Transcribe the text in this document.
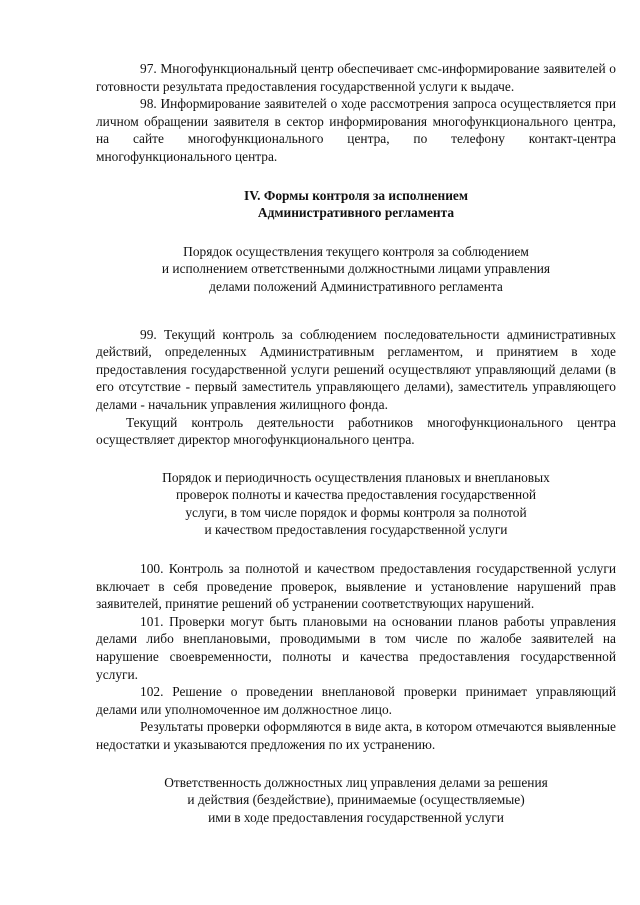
97. Многофункциональный центр обеспечивает смс-информирование заявителей о готовности результата предоставления государственной услуги к выдаче.

98. Информирование заявителей о ходе рассмотрения запроса осуществляется при личном обращении заявителя в сектор информирования многофункционального центра, на сайте многофункционального центра, по телефону контакт-центра многофункционального центра.

IV. Формы контроля за исполнением
Административного регламента
Порядок осуществления текущего контроля за соблюдением
и исполнением ответственными должностными лицами управления
делами положений Административного регламента

99. Текущий контроль за соблюдением последовательности административных действий, определенных Административным регламентом, и принятием в ходе предоставления государственной услуги решений осуществляют управляющий делами (в его отсутствие - первый заместитель управляющего делами), заместитель управляющего делами - начальник управления жилищного фонда.

Текущий контроль деятельности работников многофункционального центра осуществляет директор многофункционального центра.

Порядок и периодичность осуществления плановых и внеплановых
проверок полноты и качества предоставления государственной
услуги, в том числе порядок и формы контроля за полнотой
и качеством предоставления государственной услуги

100. Контроль за полнотой и качеством предоставления государственной услуги включает в себя проведение проверок, выявление и установление нарушений прав заявителей, принятие решений об устранении соответствующих нарушений.

101. Проверки могут быть плановыми на основании планов работы управления делами либо внеплановыми, проводимыми в том числе по жалобе заявителей на нарушение своевременности, полноты и качества предоставления государственной услуги.

102. Решение о проведении внеплановой проверки принимает управляющий делами или уполномоченное им должностное лицо.

Результаты проверки оформляются в виде акта, в котором отмечаются выявленные недостатки и указываются предложения по их устранению.

Ответственность должностных лиц управления делами за решения
и действия (бездействие), принимаемые (осуществляемые)
ими в ходе предоставления государственной услуги
